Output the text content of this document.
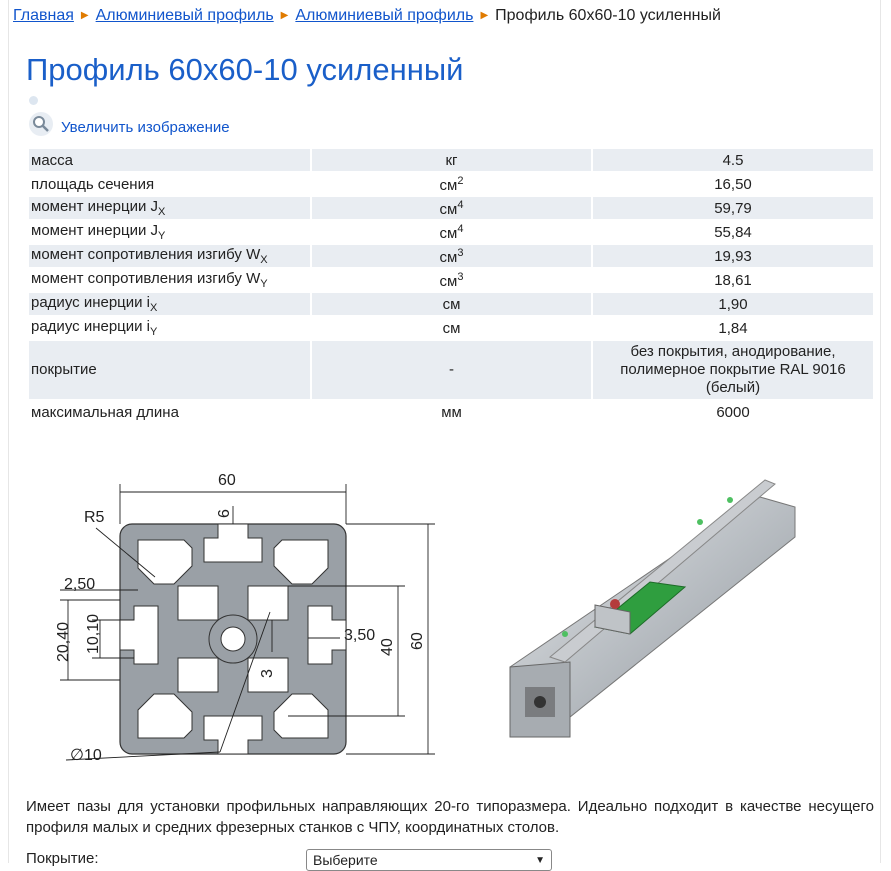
Главная ▶ Алюминиевый профиль ▶ Алюминиевый профиль ▶ Профиль 60х60-10 усиленный
Профиль 60х60-10 усиленный
Увеличить изображение
масса	кг	4.5
площадь сечения	$см^2$	16,50
момент инерции $J_X$	$см^4$	59,79
момент инерции $J_Y$	$см^4$	55,84
момент сопротивления изгибу $W_X$	$см^3$	19,93
момент сопротивления изгибу $W_Y$	$см^3$	18,61
радиус инерции $i_X$	см	1,90
радиус инерции $i_Y$	см	1,84
покрытие	-	без покрытия, анодирование, полимерное покрытие RAL 9016 (белый)
максимальная длина	мм	6000
60
R5
2,50
3,50
∅10
6
20,40 10,10	40 60
3
Имеет пазы для установки профильных направляющих 20-го типоразмера. Идеально подходит в качестве несущего профиля малых и средних фрезерных станков с ЧПУ, координатных столов.
Покрытие:	Выберите	▼
